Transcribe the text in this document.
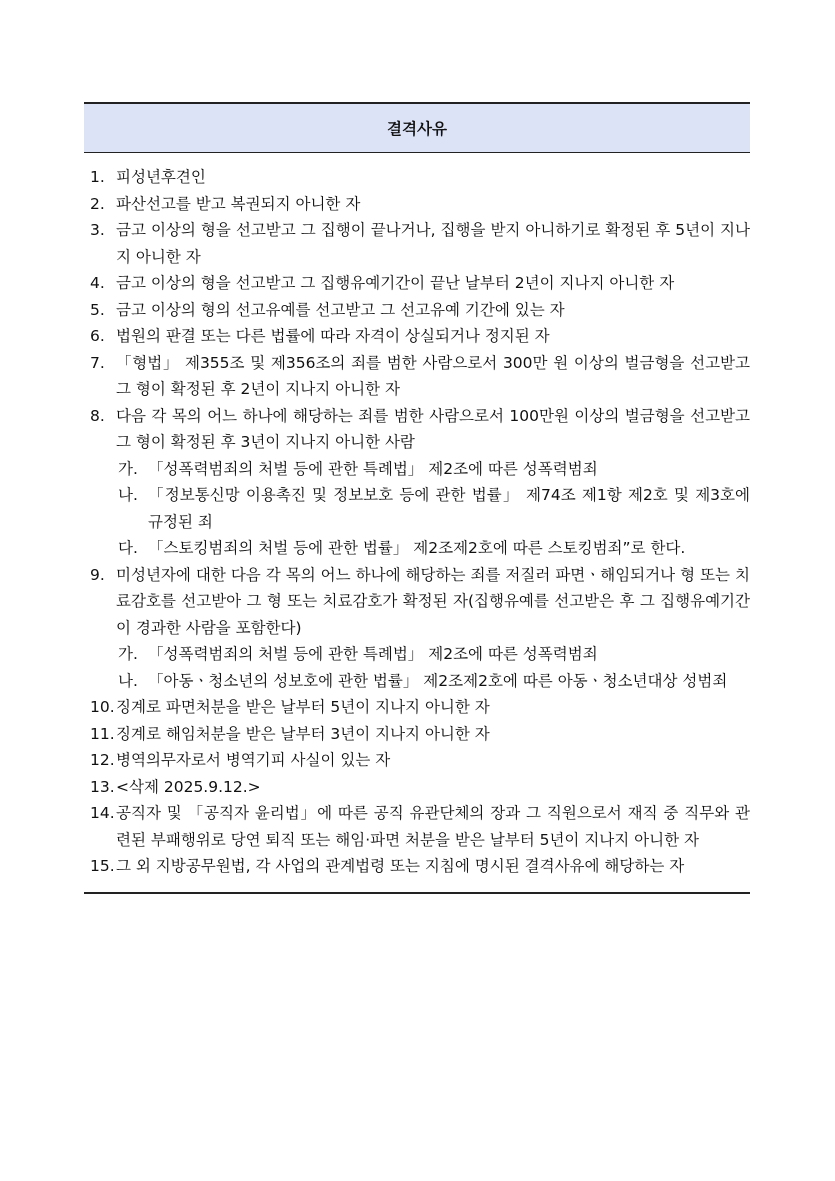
결격사유
1. 피성년후견인
2. 파산선고를 받고 복권되지 아니한 자
3. 금고 이상의 형을 선고받고 그 집행이 끝나거나, 집행을 받지 아니하기로 확정된 후 5년이 지나지 아니한 자
4. 금고 이상의 형을 선고받고 그 집행유예기간이 끝난 날부터 2년이 지나지 아니한 자
5. 금고 이상의 형의 선고유예를 선고받고 그 선고유예 기간에 있는 자
6. 법원의 판결 또는 다른 법률에 따라 자격이 상실되거나 정지된 자
7. 「형법」 제355조 및 제356조의 죄를 범한 사람으로서 300만 원 이상의 벌금형을 선고받고 그 형이 확정된 후 2년이 지나지 아니한 자
8. 다음 각 목의 어느 하나에 해당하는 죄를 범한 사람으로서 100만원 이상의 벌금형을 선고받고 그 형이 확정된 후 3년이 지나지 아니한 사람
가. 「성폭력범죄의 처벌 등에 관한 특례법」 제2조에 따른 성폭력범죄
나. 「정보통신망 이용촉진 및 정보보호 등에 관한 법률」 제74조 제1항 제2호 및 제3호에 규정된 죄
다. 「스토킹범죄의 처벌 등에 관한 법률」 제2조제2호에 따른 스토킹범죄”로 한다.
9. 미성년자에 대한 다음 각 목의 어느 하나에 해당하는 죄를 저질러 파면ㆍ해임되거나 형 또는 치료감호를 선고받아 그 형 또는 치료감호가 확정된 자(집행유예를 선고받은 후 그 집행유예기간이 경과한 사람을 포함한다)
가. 「성폭력범죄의 처벌 등에 관한 특례법」 제2조에 따른 성폭력범죄
나. 「아동ㆍ청소년의 성보호에 관한 법률」 제2조제2호에 따른 아동ㆍ청소년대상 성범죄
10. 징계로 파면처분을 받은 날부터 5년이 지나지 아니한 자
11. 징계로 해임처분을 받은 날부터 3년이 지나지 아니한 자
12. 병역의무자로서 병역기피 사실이 있는 자
13. <삭제 2025.9.12.>
14. 공직자 및 「공직자 윤리법」에 따른 공직 유관단체의 장과 그 직원으로서 재직 중 직무와 관련된 부패행위로 당연 퇴직 또는 해임·파면 처분을 받은 날부터 5년이 지나지 아니한 자
15. 그 외 지방공무원법, 각 사업의 관계법령 또는 지침에 명시된 결격사유에 해당하는 자
